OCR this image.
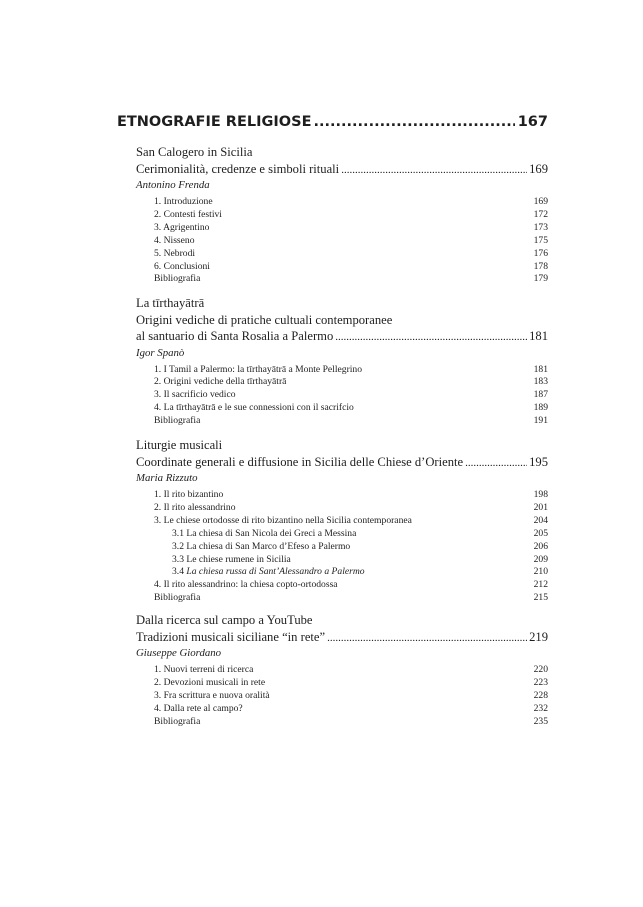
ETNOGRAFIE RELIGIOSE .....	167
San Calogero in Sicilia
Cerimonialità, credenze e simboli rituali .....	169
Antonino Frenda
1. Introduzione	169
2. Contesti festivi	172
3. Agrigentino	173
4. Nisseno	175
5. Nebrodi	176
6. Conclusioni	178
Bibliografia	179
La tīrthayātrā
Origini vediche di pratiche cultuali contemporanee
al santuario di Santa Rosalia a Palermo .....	181
Igor Spanò
1. I Tamil a Palermo: la tīrthayātrā a Monte Pellegrino	181
2. Origini vediche della tīrthayātrā	183
3. Il sacrificio vedico	187
4. La tīrthayātrā e le sue connessioni con il sacrifcio	189
Bibliografia	191
Liturgie musicali
Coordinate generali e diffusione in Sicilia delle Chiese d’Oriente .....	195
Maria Rizzuto
1. Il rito bizantino	198
2. Il rito alessandrino	201
3. Le chiese ortodosse di rito bizantino nella Sicilia contemporanea	204
3.1 La chiesa di San Nicola dei Greci a Messina	205
3.2 La chiesa di San Marco d’Efeso a Palermo	206
3.3 Le chiese rumene in Sicilia	209
3.4 La chiesa russa di Sant’Alessandro a Palermo	210
4. Il rito alessandrino: la chiesa copto-ortodossa	212
Bibliografia	215
Dalla ricerca sul campo a YouTube
Tradizioni musicali siciliane “in rete” .....	219
Giuseppe Giordano
1. Nuovi terreni di ricerca	220
2. Devozioni musicali in rete	223
3. Fra scrittura e nuova oralità	228
4. Dalla rete al campo?	232
Bibliografia	235
